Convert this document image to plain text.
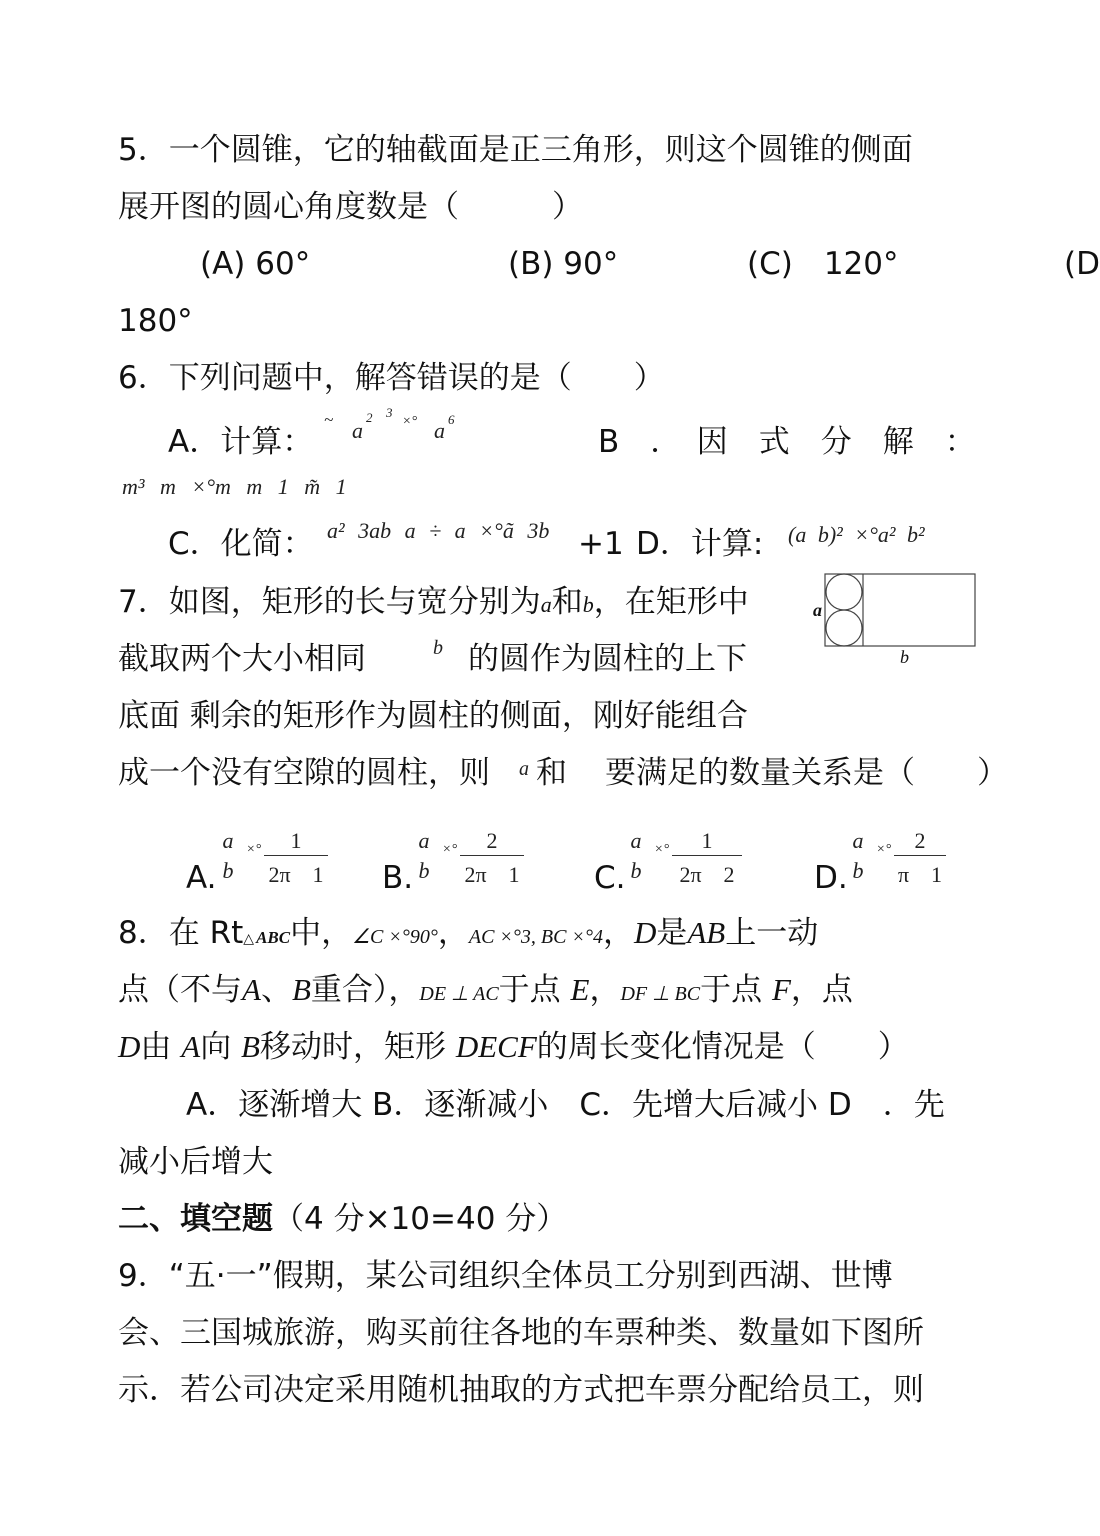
5．一个圆锥，它的轴截面是正三角形，则这个圆锥的侧面
展开图的圆心角度数是（　　　）
(A) 60°	(B) 90°	(C)　120°	(D
180°
6．下列问题中，解答错误的是（　　）
A．计算：
~ a
2 3
×° a 6
B　．　因　式　分　解　：
m³ m ×°m m 1 m̃ 1
C．化简： a² 3ab a ÷ a ×°ã 3b +1 D．计算: (a b)² ×°a² b²
7．如图，矩形的长与宽分别为a和b，在矩形中
截取两个大小相同	b 的圆作为圆柱的上下
底面 剩余的矩形作为圆柱的侧面，刚好能组合
成一个没有空隙的圆柱，则 a 和 要满足的数量关系是（　　）
a
b
A.
a
b
×°	1
2π　1 B.
a
b
×°	2
2π　1 C.
a
b
×°	1
2π　2	D.
a
b
×°	2
π　1
8．在 Rt△ ABC中，∠C ×°90°，AC ×°3, BC ×°4，D是AB上一动
点（不与A、B重合），DE ⊥ AC于点 E，DF ⊥ BC于点 F，点
D由 A向 B移动时，矩形 DECF的周长变化情况是（　　）
A．逐渐增大 B．逐渐减小　C．先增大后减小 D　．先
减小后增大
二、填空题（4 分×10=40 分）
9．“五·一”假期，某公司组织全体员工分别到西湖、世博
会、三国城旅游，购买前往各地的车票种类、数量如下图所
示．若公司决定采用随机抽取的方式把车票分配给员工，则
